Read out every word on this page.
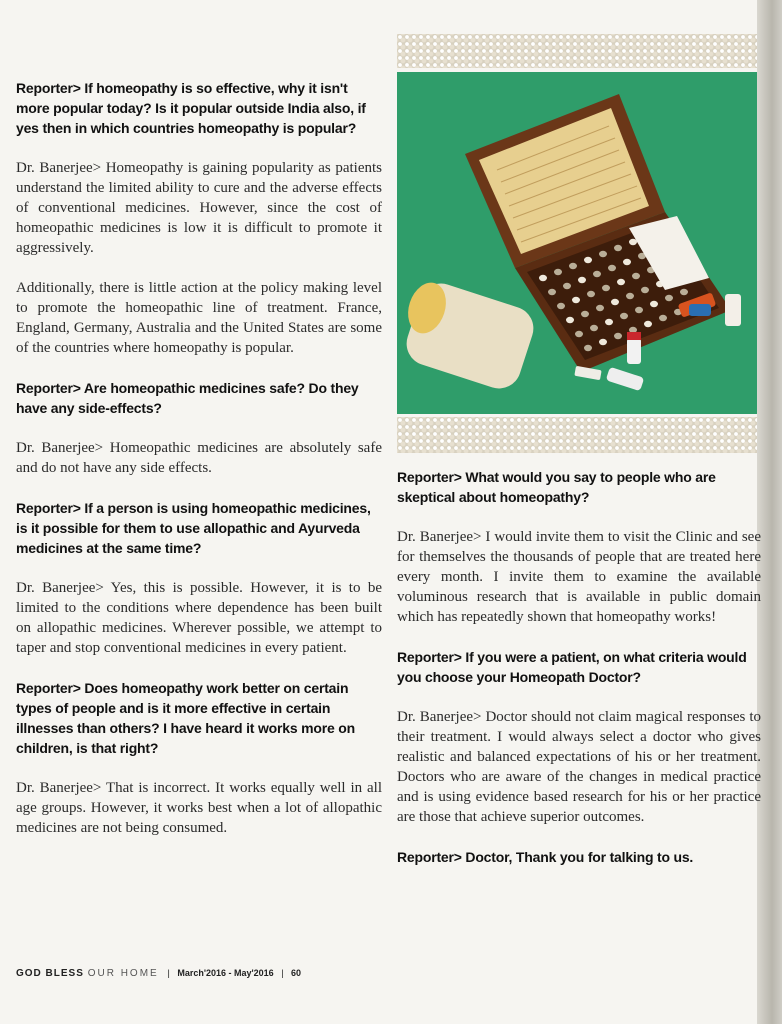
Reporter> If homeopathy is so effective, why it isn't more popular today? Is it popular outside India also, if yes then in which countries homeopathy is popular?

Dr. Banerjee> Homeopathy is gaining popularity as patients understand the limited ability to cure and the adverse effects of conventional medicines. However, since the cost of homeopathic medicines is low it is difficult to promote it aggressively.

Additionally, there is little action at the policy making level to promote the homeopathic line of treatment. France, England, Germany, Australia and the United States are some of the countries where homeopathy is popular.

Reporter> Are homeopathic medicines safe? Do they have any side-effects?

Dr. Banerjee> Homeopathic medicines are absolutely safe and do not have any side effects.

Reporter> If a person is using homeopathic medicines, is it possible for them to use allopathic and Ayurveda medicines at the same time?

Dr. Banerjee> Yes, this is possible. However, it is to be limited to the conditions where dependence has been built on allopathic medicines. Wherever possible, we attempt to taper and stop conventional medicines in every patient.

Reporter> Does homeopathy work better on certain types of people and is it more effective in certain illnesses than others? I have heard it works more on children, is that right?

Dr. Banerjee> That is incorrect. It works equally well in all age groups. However, it works best when a lot of allopathic medicines are not being consumed.

Reporter> What would you say to people who are skeptical about homeopathy?

Dr. Banerjee> I would invite them to visit the Clinic and see for themselves the thousands of people that are treated here every month. I invite them to examine the available voluminous research that is available in public domain which has repeatedly shown that homeopathy works!

Reporter> If you were a patient, on what criteria would you choose your Homeopath Doctor?

Dr. Banerjee> Doctor should not claim magical responses to their treatment. I would always select a doctor who gives realistic and balanced expectations of his or her treatment. Doctors who are aware of the changes in medical practice and is using evidence based research for his or her practice are those that achieve superior outcomes.

Reporter> Doctor, Thank you for talking to us.

GOD BLESS OUR HOME | March'2016 - May'2016 | 60
